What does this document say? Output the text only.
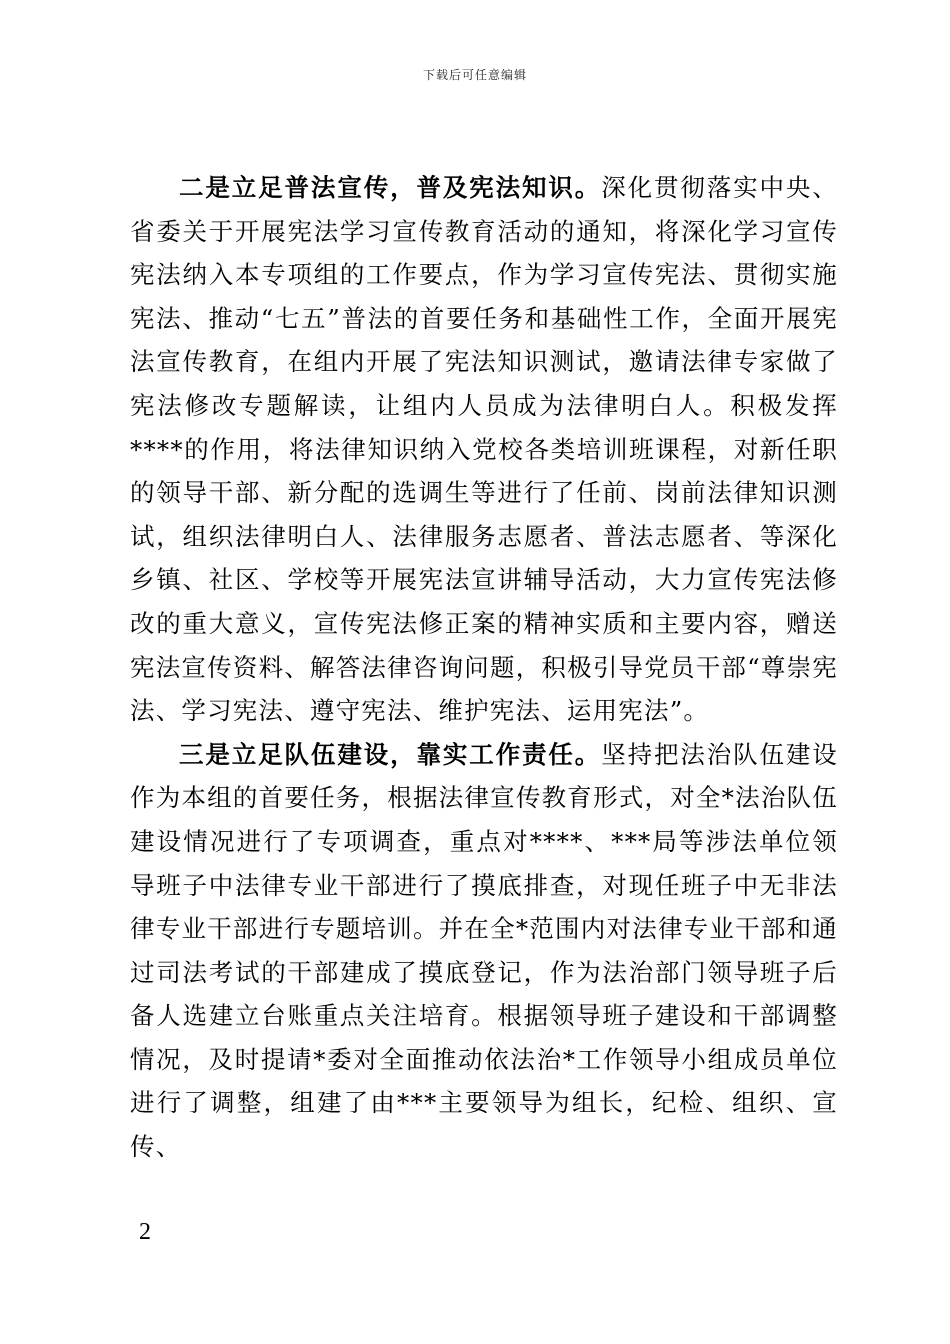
下载后可任意编辑

二是立足普法宣传，普及宪法知识。深化贯彻落实中央、省委关于开展宪法学习宣传教育活动的通知，将深化学习宣传宪法纳入本专项组的工作要点，作为学习宣传宪法、贯彻实施宪法、推动“七五”普法的首要任务和基础性工作，全面开展宪法宣传教育，在组内开展了宪法知识测试，邀请法律专家做了宪法修改专题解读，让组内人员成为法律明白人。积极发挥****的作用，将法律知识纳入党校各类培训班课程，对新任职的领导干部、新分配的选调生等进行了任前、岗前法律知识测试，组织法律明白人、法律服务志愿者、普法志愿者、等深化乡镇、社区、学校等开展宪法宣讲辅导活动，大力宣传宪法修改的重大意义，宣传宪法修正案的精神实质和主要内容，赠送宪法宣传资料、解答法律咨询问题，积极引导党员干部“尊崇宪法、学习宪法、遵守宪法、维护宪法、运用宪法”。

三是立足队伍建设，靠实工作责任。坚持把法治队伍建设作为本组的首要任务，根据法律宣传教育形式，对全*法治队伍建设情况进行了专项调查，重点对****、***局等涉法单位领导班子中法律专业干部进行了摸底排查，对现任班子中无非法律专业干部进行专题培训。并在全*范围内对法律专业干部和通过司法考试的干部建成了摸底登记，作为法治部门领导班子后备人选建立台账重点关注培育。根据领导班子建设和干部调整情况，及时提请*委对全面推动依法治*工作领导小组成员单位进行了调整，组建了由***主要领导为组长，纪检、组织、宣传、

2
